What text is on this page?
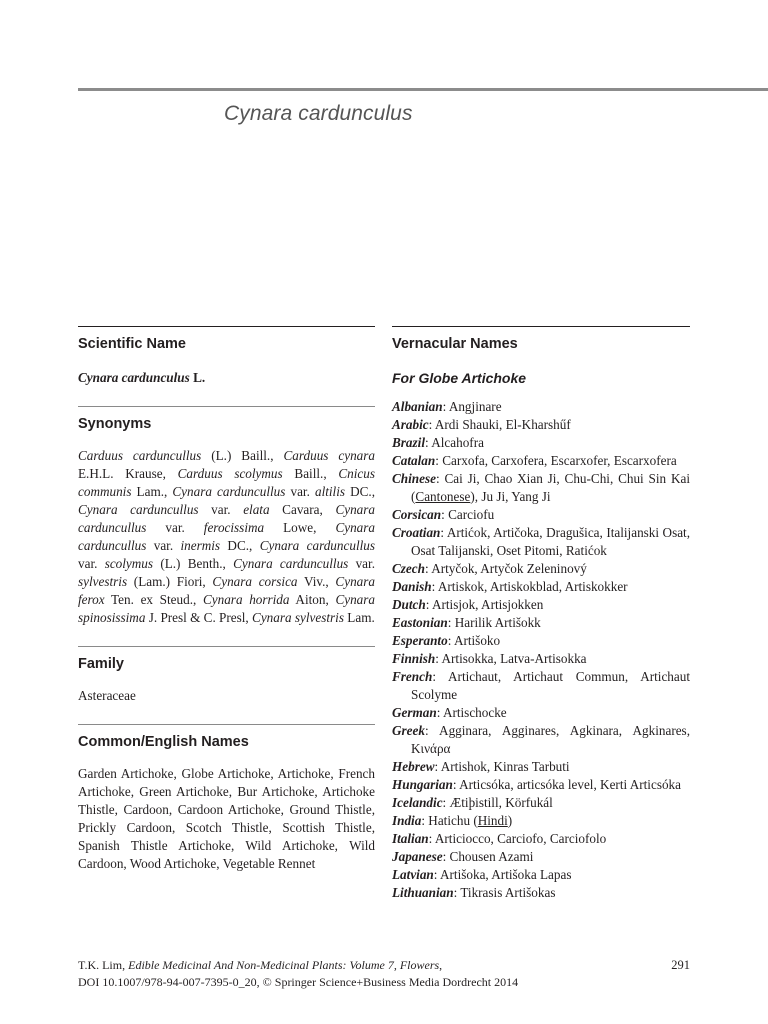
Cynara cardunculus
Scientific Name
Cynara cardunculus L.
Synonyms
Carduus carduncullus (L.) Baill., Carduus cynara E.H.L. Krause, Carduus scolymus Baill., Cnicus communis Lam., Cynara carduncullus var. altilis DC., Cynara carduncullus var. elata Cavara, Cynara carduncullus var. ferocissima Lowe, Cynara carduncullus var. inermis DC., Cynara carduncullus var. scolymus (L.) Benth., Cynara carduncullus var. sylvestris (Lam.) Fiori, Cynara corsica Viv., Cynara ferox Ten. ex Steud., Cynara horrida Aiton, Cynara spinosissima J. Presl & C. Presl, Cynara sylvestris Lam.
Family
Asteraceae
Common/English Names
Garden Artichoke, Globe Artichoke, Artichoke, French Artichoke, Green Artichoke, Bur Artichoke, Artichoke Thistle, Cardoon, Cardoon Artichoke, Ground Thistle, Prickly Cardoon, Scotch Thistle, Scottish Thistle, Spanish Thistle Artichoke, Wild Artichoke, Wild Cardoon, Wood Artichoke, Vegetable Rennet
Vernacular Names
For Globe Artichoke

Albanian: Angjinare

Arabic: Ardi Shauki, El-Kharshűf

Brazil: Alcahofra

Catalan: Carxofa, Carxofera, Escarxofer, Escarxofera

Chinese: Cai Ji, Chao Xian Ji, Chu-Chi, Chui Sin Kai (Cantonese), Ju Ji, Yang Ji

Corsican: Carciofu

Croatian: Artićok, Artičoka, Dragušica, Italijanski Osat, Osat Talijanski, Oset Pitomi, Ratićok

Czech: Artyčok, Artyčok Zeleninový

Danish: Artiskok, Artiskokblad, Artiskokker

Dutch: Artisjok, Artisjokken

Eastonian: Harilik Artišokk

Esperanto: Artišoko

Finnish: Artisokka, Latva-Artisokka

French: Artichaut, Artichaut Commun, Artichaut Scolyme

German: Artischocke

Greek: Agginara, Agginares, Agkinara, Agkinares, Κινάρα

Hebrew: Artishok, Kinras Tarbuti

Hungarian: Articsóka, articsóka level, Kerti Articsóka

Icelandic: Ætiþistill, Körfukál

India: Hatichu (Hindi)

Italian: Articiocco, Carciofo, Carciofolo

Japanese: Chousen Azami

Latvian: Artišoka, Artišoka Lapas

Lithuanian: Tikrasis Artišokas

T.K. Lim, Edible Medicinal And Non-Medicinal Plants: Volume 7, Flowers,
DOI 10.1007/978-94-007-7395-0_20, © Springer Science+Business Media Dordrecht 2014
291
